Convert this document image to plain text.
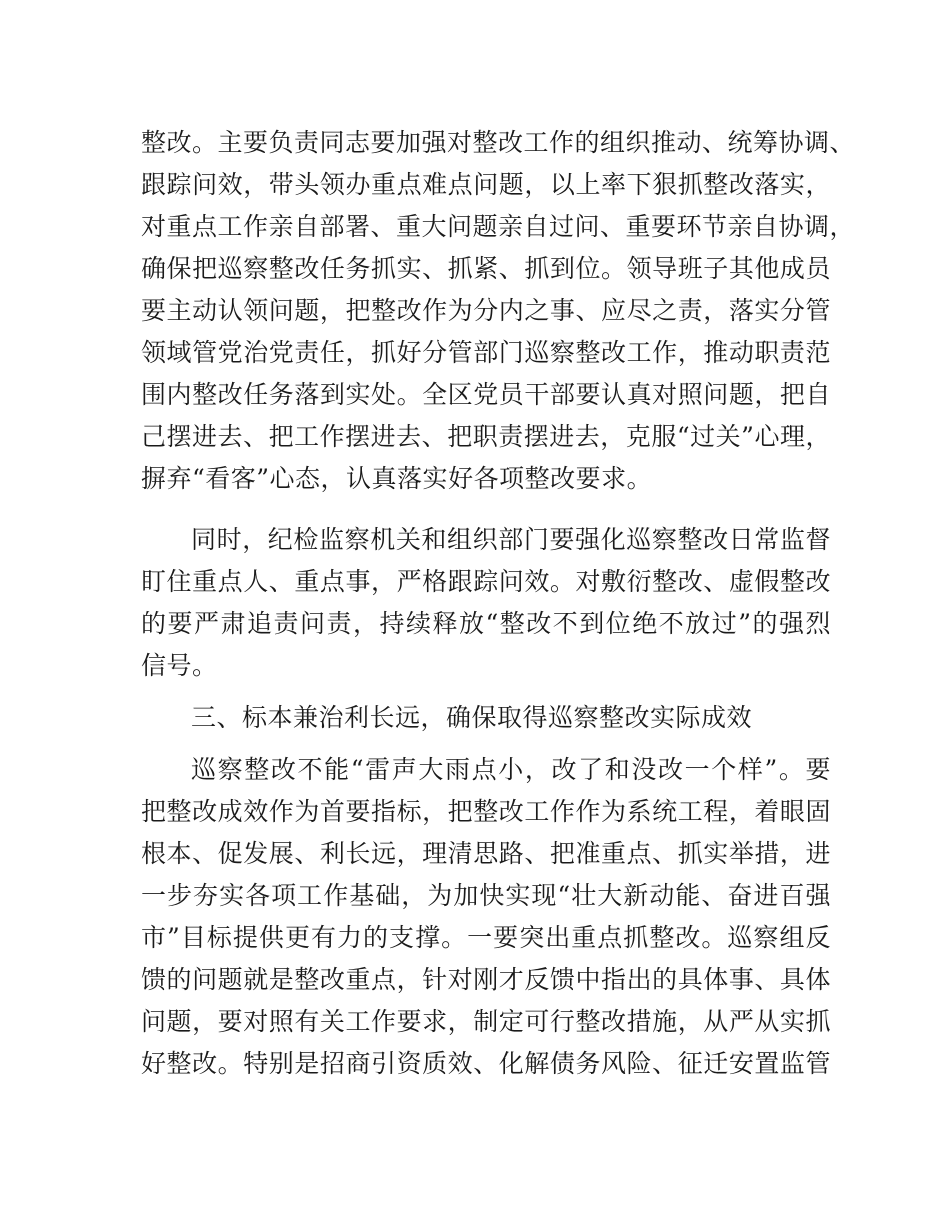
整改。主要负责同志要加强对整改工作的组织推动、统筹协调、
跟踪问效，带头领办重点难点问题，以上率下狠抓整改落实，
对重点工作亲自部署、重大问题亲自过问、重要环节亲自协调，
确保把巡察整改任务抓实、抓紧、抓到位。领导班子其他成员
要主动认领问题，把整改作为分内之事、应尽之责，落实分管
领域管党治党责任，抓好分管部门巡察整改工作，推动职责范
围内整改任务落到实处。全区党员干部要认真对照问题，把自
己摆进去、把工作摆进去、把职责摆进去，克服“过关”心理，
摒弃“看客”心态，认真落实好各项整改要求。
同时，纪检监察机关和组织部门要强化巡察整改日常监督
盯住重点人、重点事，严格跟踪问效。对敷衍整改、虚假整改
的要严肃追责问责，持续释放“整改不到位绝不放过”的强烈
信号。
三、标本兼治利长远，确保取得巡察整改实际成效
巡察整改不能“雷声大雨点小，改了和没改一个样”。要
把整改成效作为首要指标，把整改工作作为系统工程，着眼固
根本、促发展、利长远，理清思路、把准重点、抓实举措，进
一步夯实各项工作基础，为加快实现“壮大新动能、奋进百强
市”目标提供更有力的支撑。一要突出重点抓整改。巡察组反
馈的问题就是整改重点，针对刚才反馈中指出的具体事、具体
问题，要对照有关工作要求，制定可行整改措施，从严从实抓
好整改。特别是招商引资质效、化解债务风险、征迁安置监管
